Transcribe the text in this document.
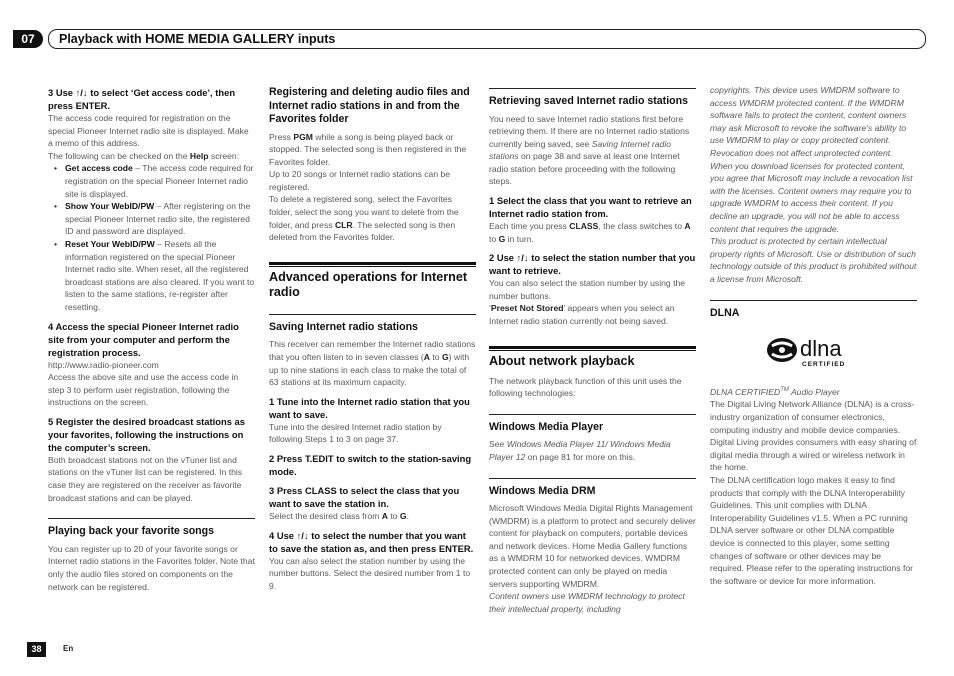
07	Playback with HOME MEDIA GALLERY inputs
3 Use ↑/↓ to select ‘Get access code’, then press ENTER.
The access code required for registration on the special Pioneer Internet radio site is displayed. Make a memo of this address.
The following can be checked on the Help screen:
• Get access code – The access code required for registration on the special Pioneer Internet radio site is displayed.
• Show Your WebID/PW – After registering on the special Pioneer Internet radio site, the registered ID and password are displayed.
• Reset Your WebID/PW – Resets all the information registered on the special Pioneer Internet radio site. When reset, all the registered broadcast stations are also cleared. If you want to listen to the same stations, re-register after resetting.
4 Access the special Pioneer Internet radio site from your computer and perform the registration process.
http://www.radio-pioneer.com
Access the above site and use the access code in step 3 to perform user registration, following the instructions on the screen.
5 Register the desired broadcast stations as your favorites, following the instructions on the computer’s screen.
Both broadcast stations not on the vTuner list and stations on the vTuner list can be registered. In this case they are registered on the receiver as favorite broadcast stations and can be played.
Playing back your favorite songs
You can register up to 20 of your favorite songs or Internet radio stations in the Favorites folder. Note that only the audio files stored on components on the network can be registered.
Registering and deleting audio files and Internet radio stations in and from the Favorites folder
Press PGM while a song is being played back or stopped. The selected song is then registered in the Favorites folder.
Up to 20 songs or Internet radio stations can be registered.
To delete a registered song, select the Favorites folder, select the song you want to delete from the folder, and press CLR. The selected song is then deleted from the Favorites folder.
Advanced operations for Internet radio
Saving Internet radio stations
This receiver can remember the Internet radio stations that you often listen to in seven classes (A to G) with up to nine stations in each class to make the total of 63 stations at its maximum capacity.
1 Tune into the Internet radio station that you want to save.
Tune into the desired Internet radio station by following Steps 1 to 3 on page 37.
2 Press T.EDIT to switch to the station-saving mode.
3 Press CLASS to select the class that you want to save the station in.
Select the desired class from A to G.
4 Use ↑/↓ to select the number that you want to save the station as, and then press ENTER.
You can also select the station number by using the number buttons. Select the desired number from 1 to 9.
Retrieving saved Internet radio stations
You need to save Internet radio stations first before retrieving them. If there are no Internet radio stations currently being saved, see Saving Internet radio stations on page 38 and save at least one Internet radio station before proceeding with the following steps.
1 Select the class that you want to retrieve an Internet radio station from.
Each time you press CLASS, the class switches to A to G in turn.
2 Use ↑/↓ to select the station number that you want to retrieve.
You can also select the station number by using the number buttons.
‘Preset Not Stored’ appears when you select an Internet radio station currently not being saved.
About network playback
The network playback function of this unit uses the following technologies:
Windows Media Player
See Windows Media Player 11/ Windows Media Player 12 on page 81 for more on this.
Windows Media DRM
Microsoft Windows Media Digital Rights Management (WMDRM) is a platform to protect and securely deliver content for playback on computers, portable devices and network devices. Home Media Gallery functions as a WMDRM 10 for networked devices. WMDRM protected content can only be played on media servers supporting WMDRM.
Content owners use WMDRM technology to protect their intellectual property, including
copyrights. This device uses WMDRM software to access WMDRM protected content. If the WMDRM software fails to protect the content, content owners may ask Microsoft to revoke the software’s ability to use WMDRM to play or copy protected content. Revocation does not affect unprotected content. When you download licenses for protected content, you agree that Microsoft may include a revocation list with the licenses. Content owners may require you to upgrade WMDRM to access their content. If you decline an upgrade, you will not be able to access content that requires the upgrade.
This product is protected by certain intellectual property rights of Microsoft. Use or distribution of such technology outside of this product is prohibited without a license from Microsoft.
DLNA
dlna
CERTIFIED
DLNA CERTIFIED™ Audio Player
The Digital Living Network Alliance (DLNA) is a cross-industry organization of consumer electronics, computing industry and mobile device companies. Digital Living provides consumers with easy sharing of digital media through a wired or wireless network in the home.
The DLNA certification logo makes it easy to find products that comply with the DLNA Interoperability Guidelines. This unit complies with DLNA Interoperability Guidelines v1.5. When a PC running DLNA server software or other DLNA compatible device is connected to this player, some setting changes of software or other devices may be required. Please refer to the operating instructions for the software or device for more information.
38	En
